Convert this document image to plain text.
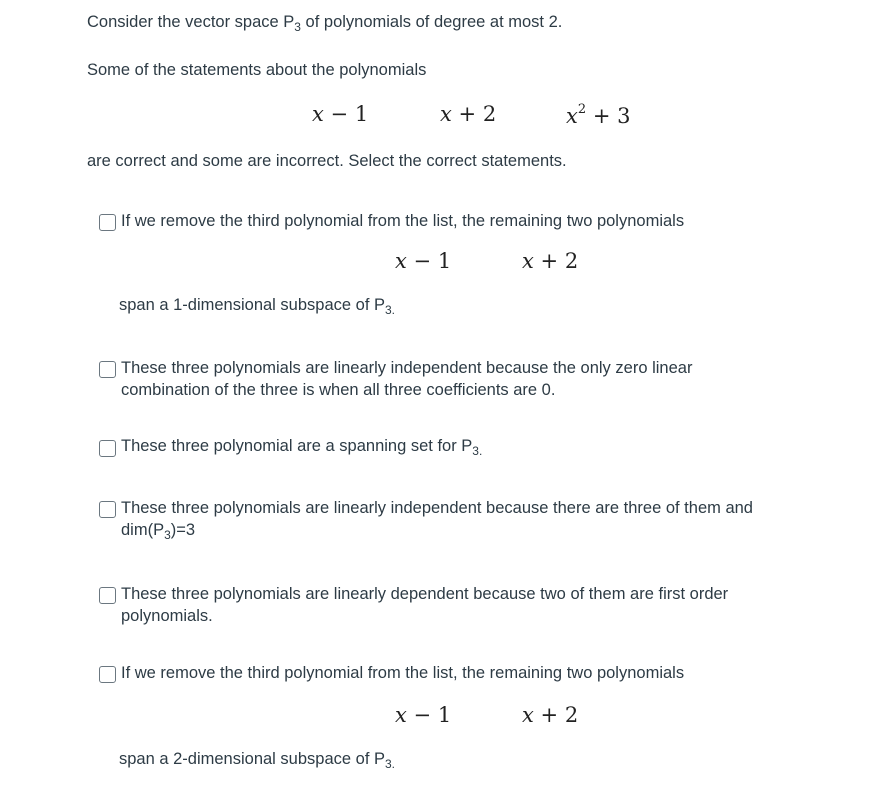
Consider the vector space $P_3$ of polynomials of degree at most 2.
Some of the statements about the polynomials
x − 1	x + 2	$x^2 + 3$
are correct and some are incorrect. Select the correct statements.
If we remove the third polynomial from the list, the remaining two polynomials
x − 1	x + 2
span a 1-dimensional subspace of $P_{3.}$
These three polynomials are linearly independent because the only zero linear
combination of the three is when all three coefficients are 0.
These three polynomial are a spanning set for $P_{3.}$
These three polynomials are linearly independent because there are three of them and
$dim(P_3)=3$
These three polynomials are linearly dependent because two of them are first order
polynomials.
If we remove the third polynomial from the list, the remaining two polynomials
x − 1	x + 2
span a 2-dimensional subspace of $P_{3.}$
